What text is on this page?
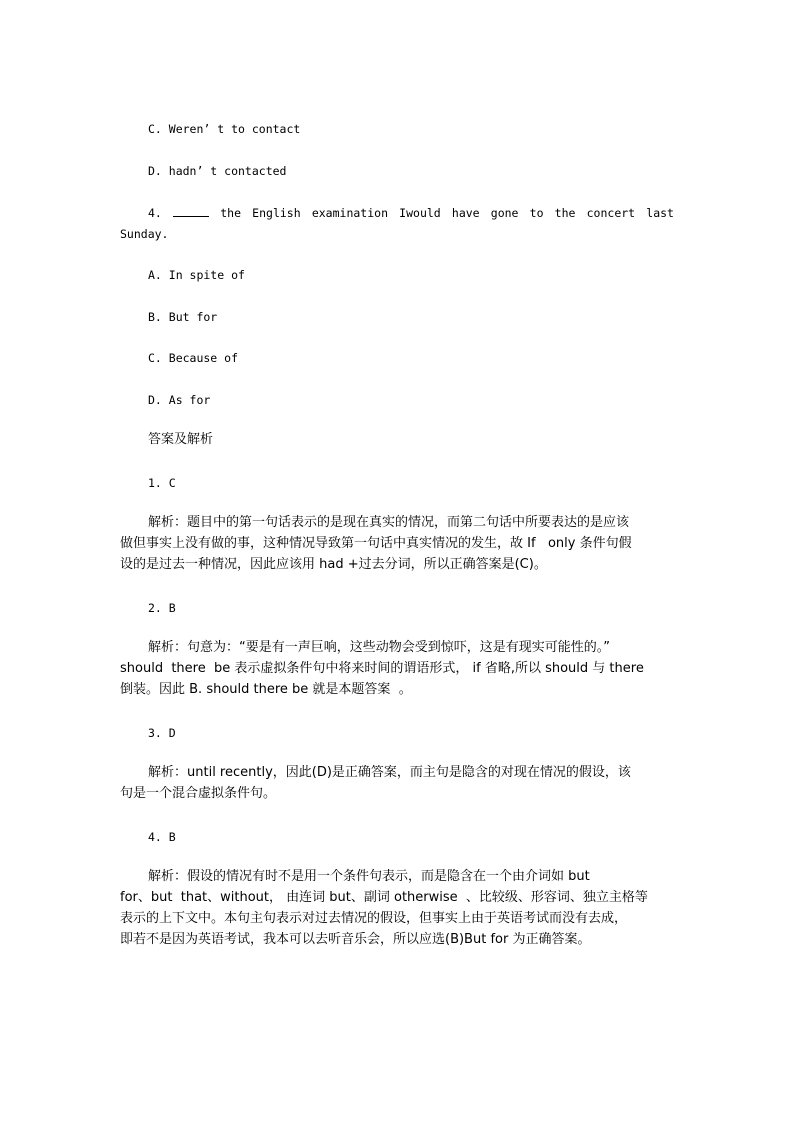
C. Weren’ t to contact
D. hadn’ t contacted
4.	the English examination Iwould have gone to the concert last
Sunday.
A. In spite of
B. But for
C. Because of
D. As for
答案及解析
1. C
解析：题目中的第一句话表示的是现在真实的情况，而第二句话中所要表达的是应该
做但事实上没有做的事，这种情况导致第一句话中真实情况的发生，故 If   only 条件句假
设的是过去一种情况，因此应该用 had +过去分词，所以正确答案是(C)。
2. B
解析：句意为：“要是有一声巨响，这些动物会受到惊吓，这是有现实可能性的。”
should  there  be 表示虚拟条件句中将来时间的谓语形式， if 省略,所以 should 与 there
倒装。因此 B. should there be 就是本题答案  。
3. D
解析：until recently，因此(D)是正确答案，而主句是隐含的对现在情况的假设，该
句是一个混合虚拟条件句。
4. B
解析：假设的情况有时不是用一个条件句表示，而是隐含在一个由介词如 but
for、but  that、without， 由连词 but、副词 otherwise  、比较级、形容词、独立主格等
表示的上下文中。本句主句表示对过去情况的假设，但事实上由于英语考试而没有去成，
即若不是因为英语考试，我本可以去听音乐会，所以应选(B)But for 为正确答案。
